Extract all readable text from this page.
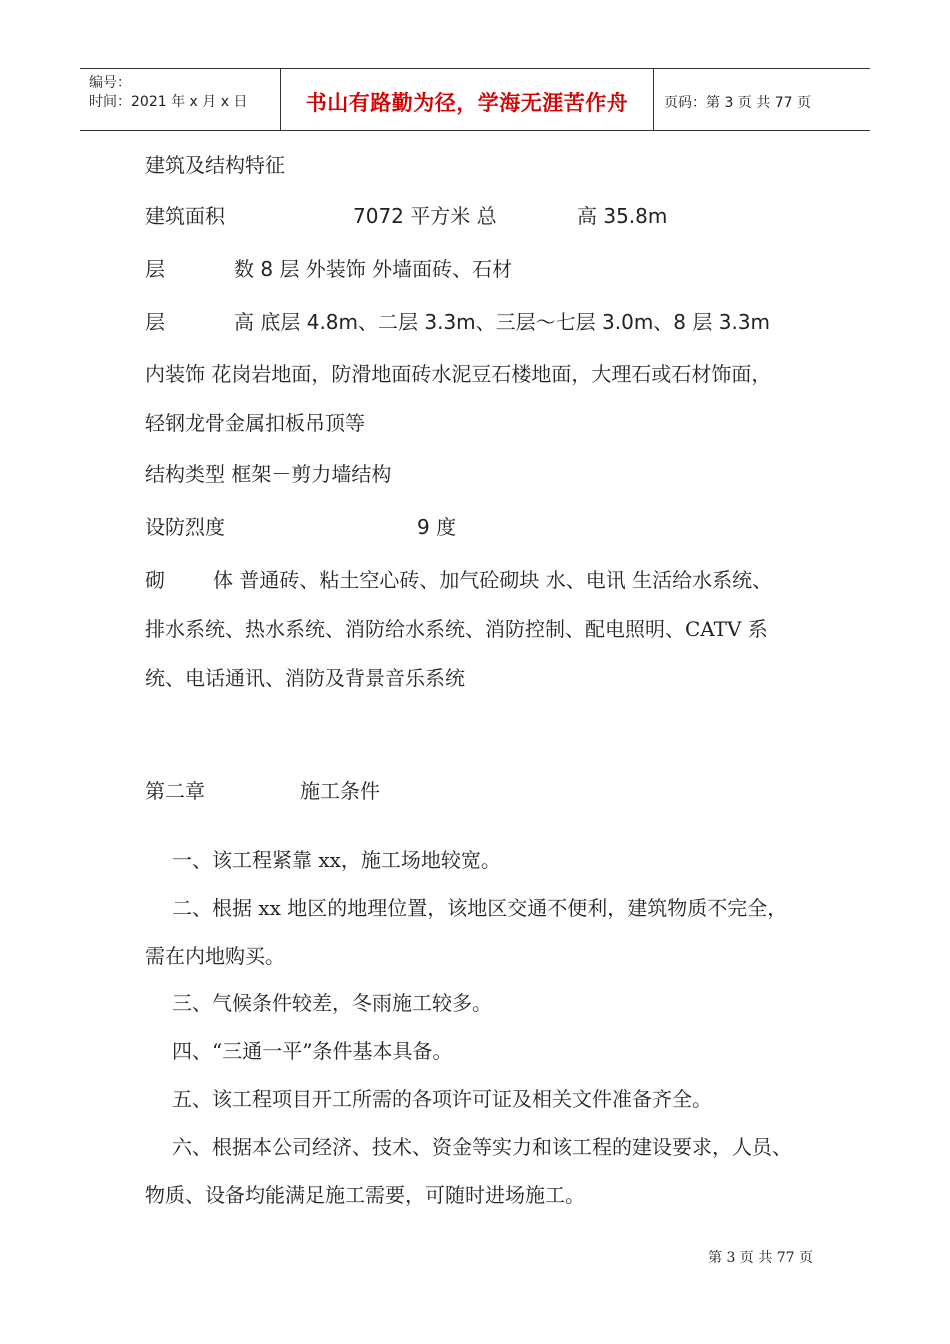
编号：
时间：2021 年 x 月 x 日	书山有路勤为径，学海无涯苦作舟	页码：第 3 页 共 77 页
建筑及结构特征
建筑面积	7072 平方米 总	高 35.8m
层	数 8 层 外装饰 外墙面砖、石材
层	高 底层 4.8m、二层 3.3m、三层～七层 3.0m、8 层 3.3m
内装饰 花岗岩地面，防滑地面砖水泥豆石楼地面，大理石或石材饰面，
轻钢龙骨金属扣板吊顶等
结构类型 框架－剪力墙结构
设防烈度	9 度
砌 体 普通砖、粘土空心砖、加气砼砌块 水、电讯 生活给水系统、
排水系统、热水系统、消防给水系统、消防控制、配电照明、CATV 系
统、电话通讯、消防及背景音乐系统
第二章	施工条件
一、该工程紧靠 xx，施工场地较宽。
二、根据 xx 地区的地理位置，该地区交通不便利，建筑物质不完全，
需在内地购买。
三、气候条件较差，冬雨施工较多。
四、“三通一平”条件基本具备。
五、该工程项目开工所需的各项许可证及相关文件准备齐全。
六、根据本公司经济、技术、资金等实力和该工程的建设要求，人员、
物质、设备均能满足施工需要，可随时进场施工。
第 3 页 共 77 页
